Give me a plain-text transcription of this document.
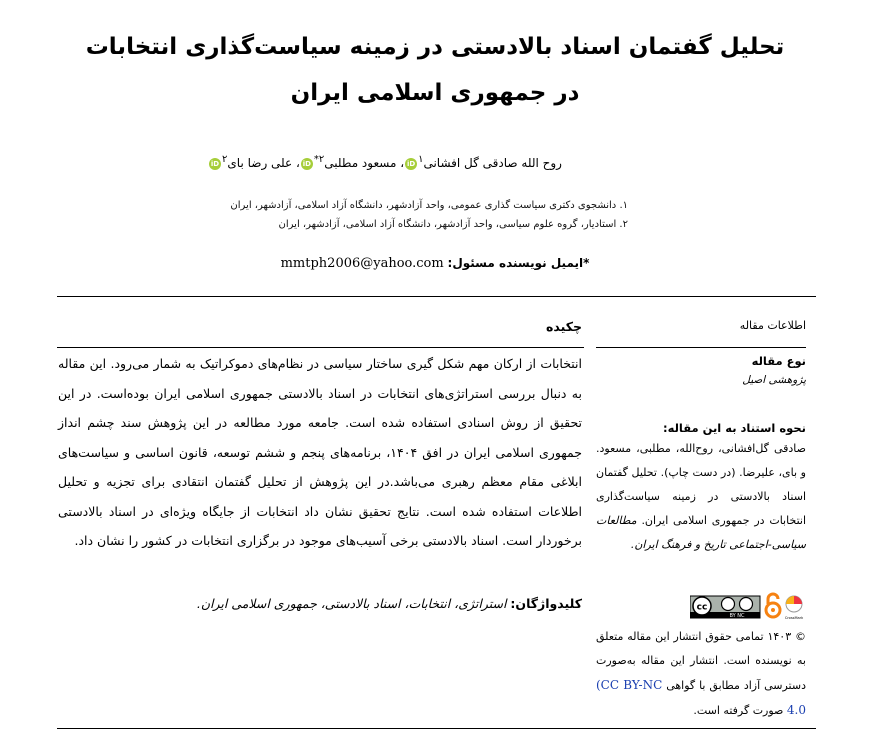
تحلیل گفتمان اسناد بالادستی در زمینه سیاست‌گذاری انتخابات در جمهوری اسلامی ایران
روح الله صادقی گل افشانی$^۱$iD، مسعود مطلبی$^{۲*}$iD، علی رضا بای$^۲$iD
۱. دانشجوی دکتری سیاست گذاری عمومی، واحد آزادشهر، دانشگاه آزاد اسلامی، آزادشهر، ایران
۲. استادیار، گروه علوم سیاسی، واحد آزادشهر، دانشگاه آزاد اسلامی، آزادشهر، ایران
*ایمیل نویسنده مسئول: mmtph2006@yahoo.com
اطلاعات مقاله
چکیده
انتخابات از ارکان مهم شکل گیری ساختار سیاسی در نظام‌های دموکراتیک به شمار می‌رود. این مقاله به دنبال بررسی استراتژی‌های انتخابات در اسناد بالادستی جمهوری اسلامی ایران بوده‌است. در این تحقیق از روش اسنادی استفاده شده است. جامعه مورد مطالعه در این پژوهش سند چشم انداز جمهوری اسلامی ایران در افق ۱۴۰۴، برنامه‌های پنجم و ششم توسعه، قانون اساسی و سیاست‌های ابلاغی مقام معظم رهبری می‌باشد.در این پژوهش از تحلیل گفتمان انتقادی برای تجزیه و تحلیل اطلاعات استفاده شده است. نتایج تحقیق نشان داد انتخابات از جایگاه ویژه‌ای در اسناد بالادستی برخوردار است. اسناد بالادستی برخی آسیب‌های موجود در برگزاری انتخابات در کشور را نشان داد.
کلیدواژگان: استراتژی، انتخابات، اسناد بالادستی، جمهوری اسلامی ایران.
نوع مقاله
پژوهشی اصیل
نحوه استناد به این مقاله:
صادقی گل‌افشانی، روح‌الله، مطلبی، مسعود. و بای، علیرضا. (در دست چاپ). تحلیل گفتمان اسناد بالادستی در زمینه سیاست‌گذاری انتخابات در جمهوری اسلامی ایران. مطالعات سیاسی-اجتماعی تاریخ و فرهنگ ایران.
cc
BY NC	CrossMark
© ۱۴۰۳ تمامی حقوق انتشار این مقاله متعلق به نویسنده است. انتشار این مقاله به‌صورت دسترسی آزاد مطابق با گواهی (CC BY-NC 4.0 صورت گرفته است.
